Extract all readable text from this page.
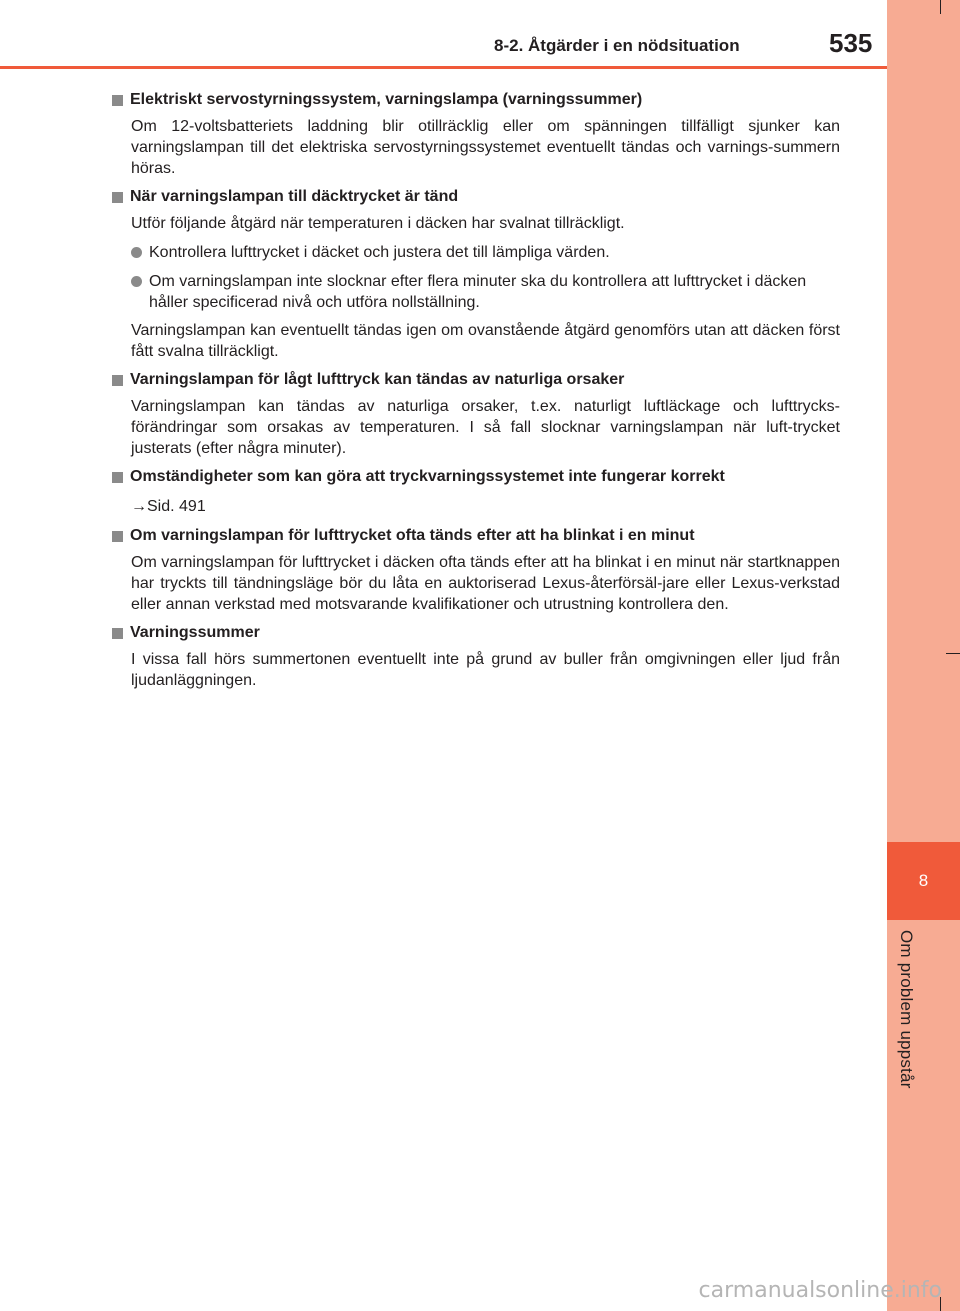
8
Om problem uppstår
8-2. Åtgärder i en nödsituation	535
Elektriskt servostyrningssystem, varningslampa (varningssummer)
Om 12-voltsbatteriets laddning blir otillräcklig eller om spänningen tillfälligt sjunker kan varningslampan till det elektriska servostyrningssystemet eventuellt tändas och varnings-summern höras.
När varningslampan till däcktrycket är tänd
Utför följande åtgärd när temperaturen i däcken har svalnat tillräckligt.
Kontrollera lufttrycket i däcket och justera det till lämpliga värden.
Om varningslampan inte slocknar efter flera minuter ska du kontrollera att lufttrycket i däcken håller specificerad nivå och utföra nollställning.
Varningslampan kan eventuellt tändas igen om ovanstående åtgärd genomförs utan att däcken först fått svalna tillräckligt.
Varningslampan för lågt lufttryck kan tändas av naturliga orsaker
Varningslampan kan tändas av naturliga orsaker, t.ex. naturligt luftläckage och lufttrycks-förändringar som orsakas av temperaturen. I så fall slocknar varningslampan när luft-trycket justerats (efter några minuter).
Omständigheter som kan göra att tryckvarningssystemet inte fungerar korrekt
→Sid. 491
Om varningslampan för lufttrycket ofta tänds efter att ha blinkat i en minut
Om varningslampan för lufttrycket i däcken ofta tänds efter att ha blinkat i en minut när startknappen har tryckts till tändningsläge bör du låta en auktoriserad Lexus-återförsäl-jare eller Lexus-verkstad eller annan verkstad med motsvarande kvalifikationer och utrustning kontrollera den.
Varningssummer
I vissa fall hörs summertonen eventuellt inte på grund av buller från omgivningen eller ljud från ljudanläggningen.
carmanualsonline.info
